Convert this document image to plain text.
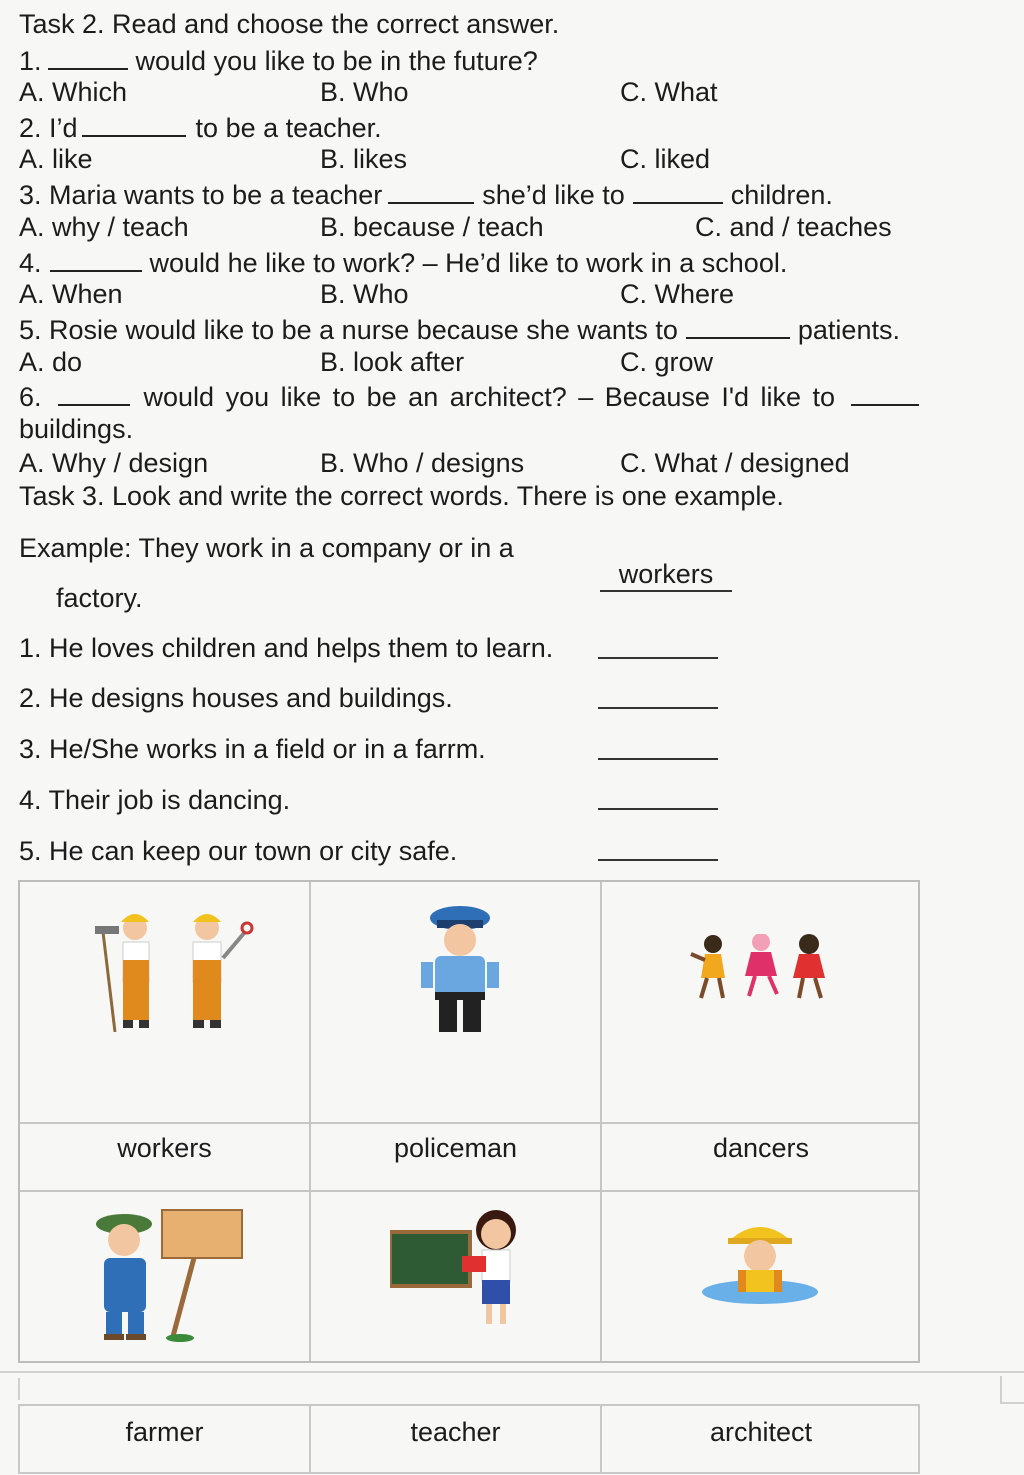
Task 2. Read and choose the correct answer.
1.	would you like to be in the future?
A. Which	B. Who	C. What
2. I’d	to be a teacher.
A. like	B. likes	C. liked
3. Maria wants to be a teacher	she’d like to	children.
A. why / teach	B. because / teach	C. and / teaches
4.	would he like to work? – He’d like to work in a school.
A. When	B. Who	C. Where
5. Rosie would like to be a nurse because she wants to	patients.
A. do	B. look after	C. grow
6.	would you like to be an architect? – Because I'd like to
buildings.
A. Why / design	B. Who / designs	C. What / designed
Task 3. Look and write the correct words. There is one example.
Example: They work in a company or in a
factory.
workers
1. He loves children and helps them to learn.
2. He designs houses and buildings.
3. He/She works in a field or in a farrm.
4. Their job is dancing.
5. He can keep our town or city safe.
workers	policeman	dancers
farmer	teacher	architect
